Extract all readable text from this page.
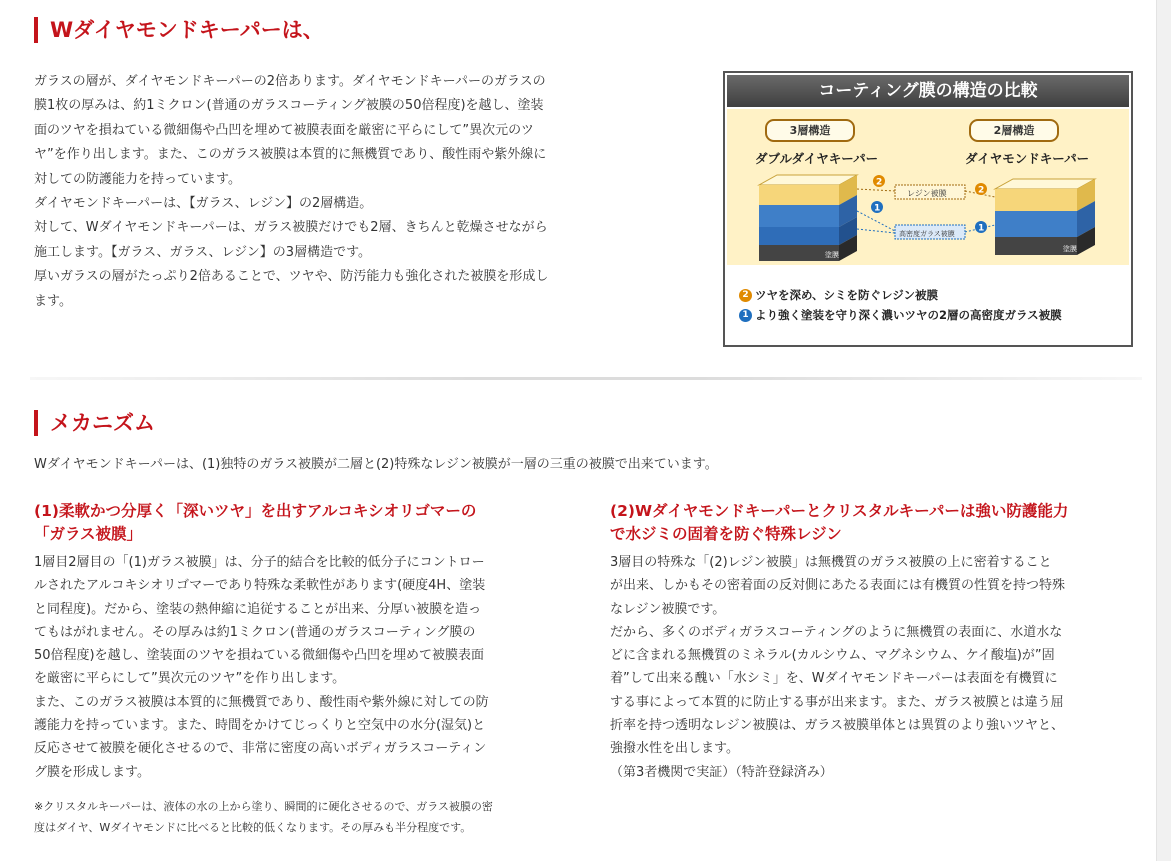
Wダイヤモンドキーパーは、
ガラスの層が、ダイヤモンドキーパーの2倍あります。ダイヤモンドキーパーのガラスの
膜1枚の厚みは、約1ミクロン(普通のガラスコーティング被膜の50倍程度)を越し、塗装
面のツヤを損ねている微細傷や凸凹を埋めて被膜表面を厳密に平らにして”異次元のツ
ヤ”を作り出します。また、このガラス被膜は本質的に無機質であり、酸性雨や紫外線に
対しての防護能力を持っています。
ダイヤモンドキーパーは、【ガラス、レジン】の2層構造。
対して、Wダイヤモンドキーパーは、ガラス被膜だけでも2層、きちんと乾燥させながら
施工します。【ガラス、ガラス、レジン】の3層構造です。
厚いガラスの層がたっぷり2倍あることで、ツヤや、防汚能力も強化された被膜を形成し
ます。
コーティング膜の構造の比較
3層構造	2層構造
ダブルダイヤキーパー	ダイヤモンドキーパー
塗膜
塗膜
レジン被膜
高密度ガラス被膜
2
2
1
1
2 ツヤを深め、シミを防ぐレジン被膜
1 より強く塗装を守り深く濃いツヤの2層の高密度ガラス被膜
メカニズム
Wダイヤモンドキーパーは、(1)独特のガラス被膜が二層と(2)特殊なレジン被膜が一層の三重の被膜で出来ています。
(1)柔軟かつ分厚く「深いツヤ」を出すアルコキシオリゴマーの
「ガラス被膜」
(2)Wダイヤモンドキーパーとクリスタルキーパーは強い防護能力
で水ジミの固着を防ぐ特殊レジン
1層目2層目の「(1)ガラス被膜」は、分子的結合を比較的低分子にコントロー
ルされたアルコキシオリゴマーであり特殊な柔軟性があります(硬度4H、塗装
と同程度)。だから、塗装の熱伸縮に追従することが出来、分厚い被膜を造っ
てもはがれません。その厚みは約1ミクロン(普通のガラスコーティング膜の
50倍程度)を越し、塗装面のツヤを損ねている微細傷や凸凹を埋めて被膜表面
を厳密に平らにして”異次元のツヤ”を作り出します。
また、このガラス被膜は本質的に無機質であり、酸性雨や紫外線に対しての防
護能力を持っています。また、時間をかけてじっくりと空気中の水分(湿気)と
反応させて被膜を硬化させるので、非常に密度の高いボディガラスコーティン
グ膜を形成します。
※クリスタルキーパーは、液体の水の上から塗り、瞬間的に硬化させるので、ガラス被膜の密
度はダイヤ、Wダイヤモンドに比べると比較的低くなります。その厚みも半分程度です。
3層目の特殊な「(2)レジン被膜」は無機質のガラス被膜の上に密着すること
が出来、しかもその密着面の反対側にあたる表面には有機質の性質を持つ特殊
なレジン被膜です。
だから、多くのボディガラスコーティングのように無機質の表面に、水道水な
どに含まれる無機質のミネラル(カルシウム、マグネシウム、ケイ酸塩)が”固
着”して出来る醜い「水シミ」を、Wダイヤモンドキーパーは表面を有機質に
する事によって本質的に防止する事が出来ます。また、ガラス被膜とは違う屈
折率を持つ透明なレジン被膜は、ガラス被膜単体とは異質のより強いツヤと、
強撥水性を出します。
（第3者機関で実証）（特許登録済み）
